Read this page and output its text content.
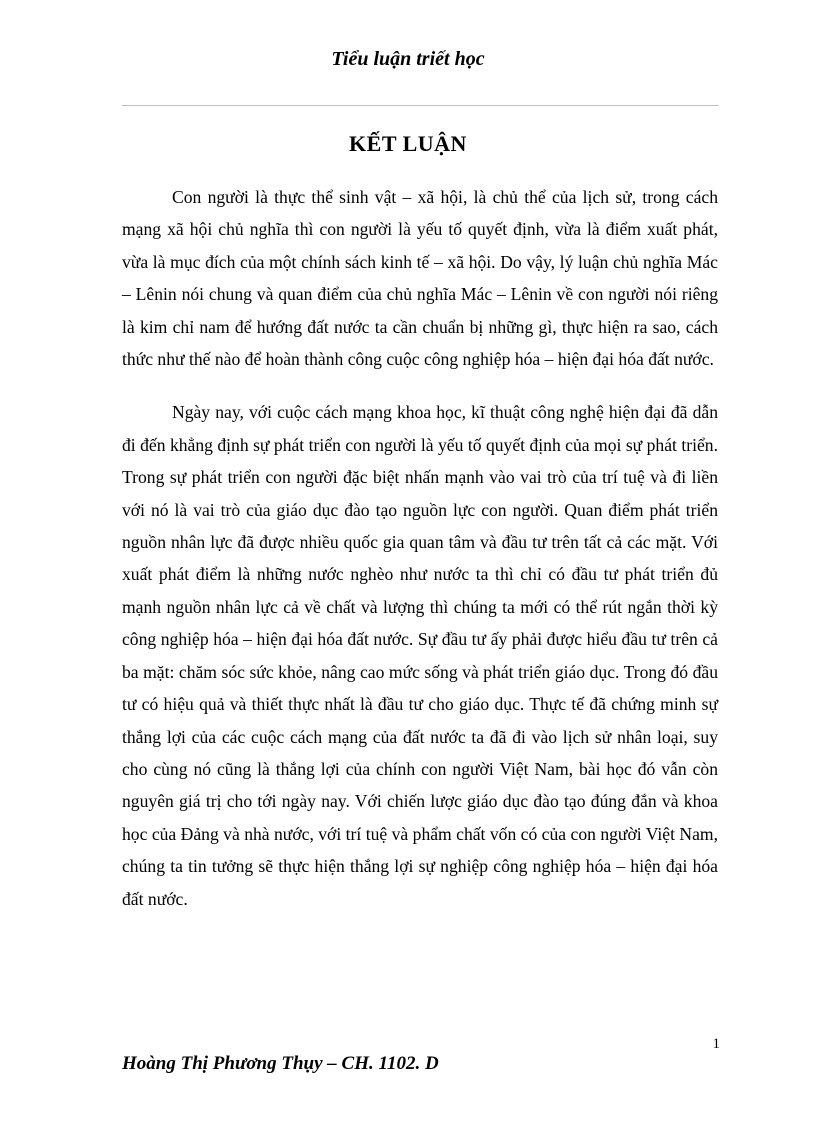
Tiểu luận triết học
KẾT LUẬN

Con người là thực thể sinh vật – xã hội, là chủ thể của lịch sử, trong cách mạng xã hội chủ nghĩa thì con người là yếu tố quyết định, vừa là điểm xuất phát, vừa là mục đích của một chính sách kinh tế – xã hội. Do vậy, lý luận chủ nghĩa Mác – Lênin nói chung và quan điểm của chủ nghĩa Mác – Lênin về con người nói riêng là kim chỉ nam để hướng đất nước ta cần chuẩn bị những gì, thực hiện ra sao, cách thức như thế nào để hoàn thành công cuộc công nghiệp hóa – hiện đại hóa đất nước.

Ngày nay, với cuộc cách mạng khoa học, kĩ thuật công nghệ hiện đại đã dẫn đi đến khẳng định sự phát triển con người là yếu tố quyết định của mọi sự phát triển. Trong sự phát triển con người đặc biệt nhấn mạnh vào vai trò của trí tuệ và đi liền với nó là vai trò của giáo dục đào tạo nguồn lực con người. Quan điểm phát triển nguồn nhân lực đã được nhiều quốc gia quan tâm và đầu tư trên tất cả các mặt. Với xuất phát điểm là những nước nghèo như nước ta thì chỉ có đầu tư phát triển đủ mạnh nguồn nhân lực cả về chất và lượng thì chúng ta mới có thể rút ngắn thời kỳ công nghiệp hóa – hiện đại hóa đất nước. Sự đầu tư ấy phải được hiểu đầu tư trên cả ba mặt: chăm sóc sức khỏe, nâng cao mức sống và phát triển giáo dục. Trong đó đầu tư có hiệu quả và thiết thực nhất là đầu tư cho giáo dục. Thực tế đã chứng minh sự thắng lợi của các cuộc cách mạng của đất nước ta đã đi vào lịch sử nhân loại, suy cho cùng nó cũng là thắng lợi của chính con người Việt Nam, bài học đó vẫn còn nguyên giá trị cho tới ngày nay. Với chiến lược giáo dục đào tạo đúng đắn và khoa học của Đảng và nhà nước, với trí tuệ và phẩm chất vốn có của con người Việt Nam, chúng ta tin tưởng sẽ thực hiện thắng lợi sự nghiệp công nghiệp hóa – hiện đại hóa đất nước.

1
Hoàng Thị Phương Thụy – CH. 1102. D
